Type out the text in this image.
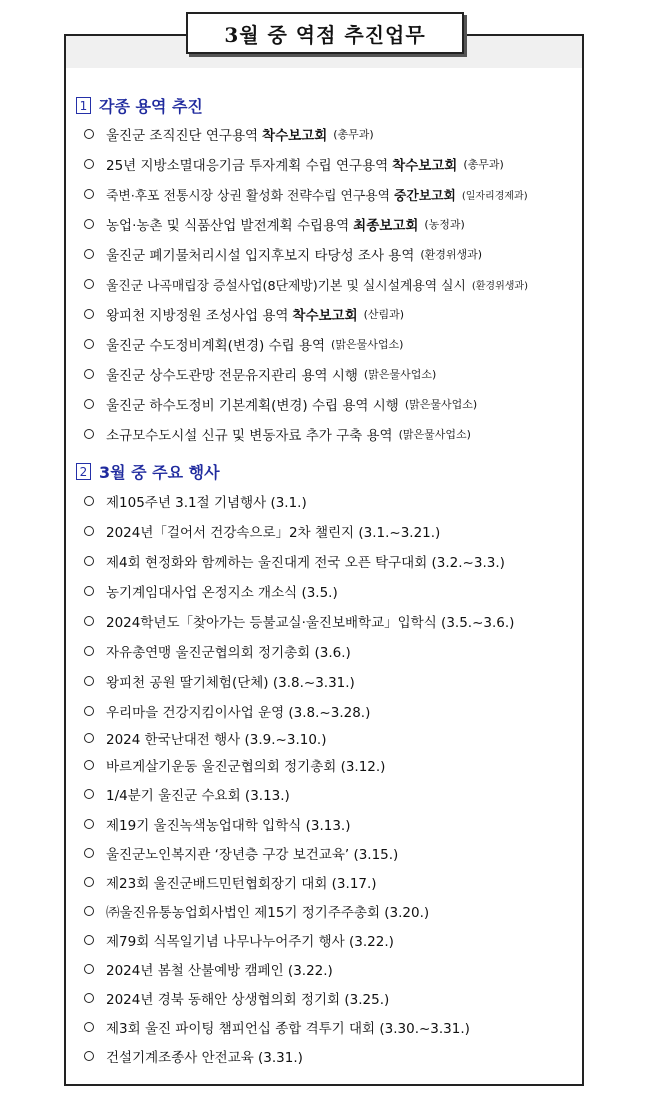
3월 중 역점 추진업무
1 각종 용역 추진
울진군 조직진단 연구용역 착수보고회 (총무과)
25년 지방소멸대응기금 투자계획 수립 연구용역 착수보고회 (총무과)
죽변·후포 전통시장 상권 활성화 전략수립 연구용역 중간보고회 (일자리경제과)
농업·농촌 및 식품산업 발전계획 수립용역 최종보고회 (농정과)
울진군 폐기물처리시설 입지후보지 타당성 조사 용역 (환경위생과)
울진군 나곡매립장 증설사업(8단제방)기본 및 실시설계용역 실시 (환경위생과)
왕피천 지방정원 조성사업 용역 착수보고회 (산림과)
울진군 수도정비계획(변경) 수립 용역 (맑은물사업소)
울진군 상수도관망 전문유지관리 용역 시행 (맑은물사업소)
울진군 하수도정비 기본계획(변경) 수립 용역 시행 (맑은물사업소)
소규모수도시설 신규 및 변동자료 추가 구축 용역 (맑은물사업소)
2 3월 중 주요 행사
제105주년 3.1절 기념행사 (3.1.)
2024년「걸어서 건강속으로」2차 챌린지 (3.1.~3.21.)
제4회 현정화와 함께하는 울진대게 전국 오픈 탁구대회 (3.2.~3.3.)
농기계임대사업 온정지소 개소식 (3.5.)
2024학년도「찾아가는 등불교실·울진보배학교」입학식 (3.5.~3.6.)
자유총연맹 울진군협의회 정기총회 (3.6.)
왕피천 공원 딸기체험(단체) (3.8.~3.31.)
우리마을 건강지킴이사업 운영 (3.8.~3.28.)
2024 한국난대전 행사 (3.9.~3.10.)
바르게살기운동 울진군협의회 정기총회 (3.12.)
1/4분기 울진군 수요회 (3.13.)
제19기 울진녹색농업대학 입학식 (3.13.)
울진군노인복지관 ‘장년층 구강 보건교육’ (3.15.)
제23회 울진군배드민턴협회장기 대회 (3.17.)
㈜울진유통농업회사법인 제15기 정기주주총회 (3.20.)
제79회 식목일기념 나무나누어주기 행사 (3.22.)
2024년 봄철 산불예방 캠페인 (3.22.)
2024년 경북 동해안 상생협의회 정기회 (3.25.)
제3회 울진 파이팅 챔피언십 종합 격투기 대회 (3.30.~3.31.)
건설기계조종사 안전교육 (3.31.)
